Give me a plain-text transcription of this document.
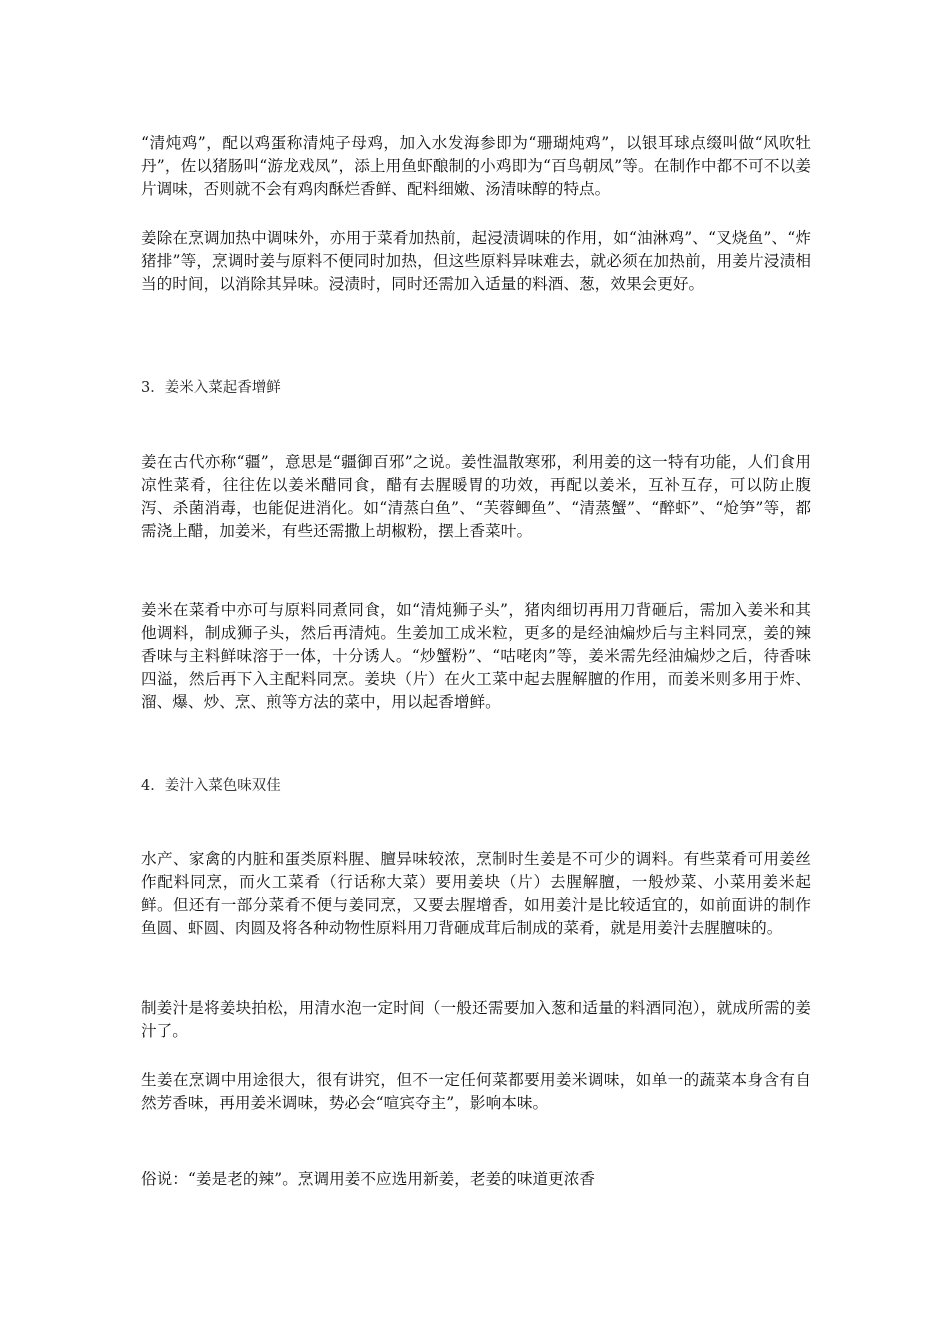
“清炖鸡”，配以鸡蛋称清炖子母鸡，加入水发海参即为“珊瑚炖鸡”，以银耳球点缀叫做“风吹牡丹”，佐以猪肠叫“游龙戏凤”，添上用鱼虾酿制的小鸡即为“百鸟朝凤”等。在制作中都不可不以姜片调味，否则就不会有鸡肉酥烂香鲜、配料细嫩、汤清味醇的特点。

姜除在烹调加热中调味外，亦用于菜肴加热前，起浸渍调味的作用，如“油淋鸡”、“叉烧鱼”、“炸猪排”等，烹调时姜与原料不便同时加热，但这些原料异味难去，就必须在加热前，用姜片浸渍相当的时间，以消除其异味。浸渍时，同时还需加入适量的料酒、葱，效果会更好。

3．姜米入菜起香增鲜

姜在古代亦称“疆”，意思是“疆御百邪”之说。姜性温散寒邪，利用姜的这一特有功能，人们食用凉性菜肴，往往佐以姜米醋同食，醋有去腥暖胃的功效，再配以姜米，互补互存，可以防止腹泻、杀菌消毒，也能促进消化。如“清蒸白鱼”、“芙蓉鲫鱼”、“清蒸蟹”、“醉虾”、“炝笋”等，都需浇上醋，加姜米，有些还需撒上胡椒粉，摆上香菜叶。

姜米在菜肴中亦可与原料同煮同食，如“清炖狮子头”，猪肉细切再用刀背砸后，需加入姜米和其他调料，制成狮子头，然后再清炖。生姜加工成米粒，更多的是经油煸炒后与主料同烹，姜的辣香味与主料鲜味溶于一体，十分诱人。“炒蟹粉”、“咕咾肉”等，姜米需先经油煸炒之后，待香味四溢，然后再下入主配料同烹。姜块（片）在火工菜中起去腥解膻的作用，而姜米则多用于炸、溜、爆、炒、烹、煎等方法的菜中，用以起香增鲜。

4．姜汁入菜色味双佳

水产、家禽的内脏和蛋类原料腥、膻异味较浓，烹制时生姜是不可少的调料。有些菜肴可用姜丝作配料同烹，而火工菜肴（行话称大菜）要用姜块（片）去腥解膻，一般炒菜、小菜用姜米起鲜。但还有一部分菜肴不便与姜同烹，又要去腥增香，如用姜汁是比较适宜的，如前面讲的制作鱼圆、虾圆、肉圆及将各种动物性原料用刀背砸成茸后制成的菜肴，就是用姜汁去腥膻味的。

制姜汁是将姜块拍松，用清水泡一定时间（一般还需要加入葱和适量的料酒同泡），就成所需的姜汁了。

生姜在烹调中用途很大，很有讲究，但不一定任何菜都要用姜米调味，如单一的蔬菜本身含有自然芳香味，再用姜米调味，势必会“喧宾夺主”，影响本味。

俗说：“姜是老的辣”。烹调用姜不应选用新姜，老姜的味道更浓香
